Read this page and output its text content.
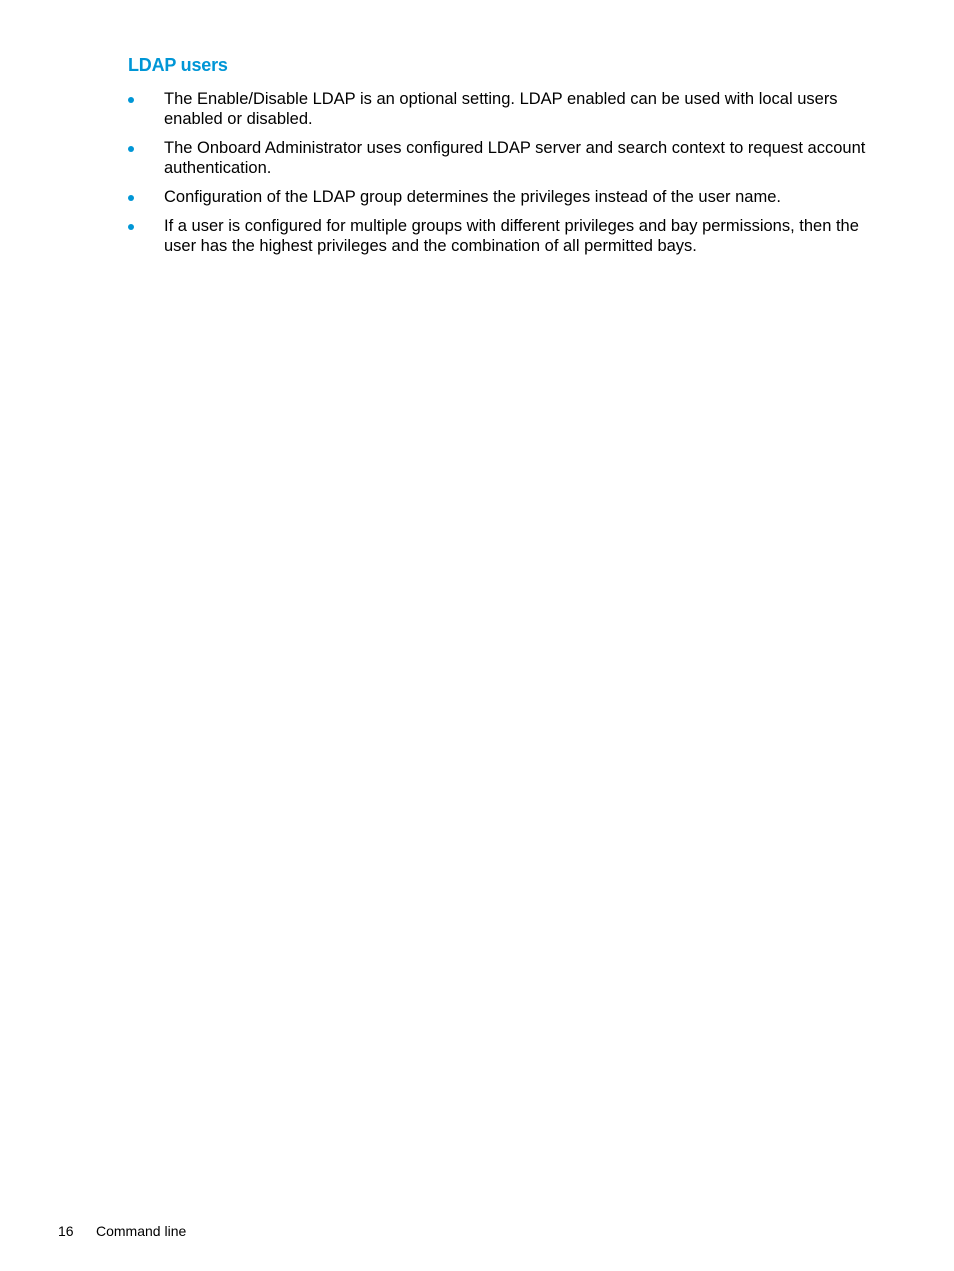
LDAP users
The Enable/Disable LDAP is an optional setting. LDAP enabled can be used with local users enabled or disabled.
The Onboard Administrator uses configured LDAP server and search context to request account authentication.
Configuration of the LDAP group determines the privileges instead of the user name.
If a user is configured for multiple groups with different privileges and bay permissions, then the user has the highest privileges and the combination of all permitted bays.
16 Command line
